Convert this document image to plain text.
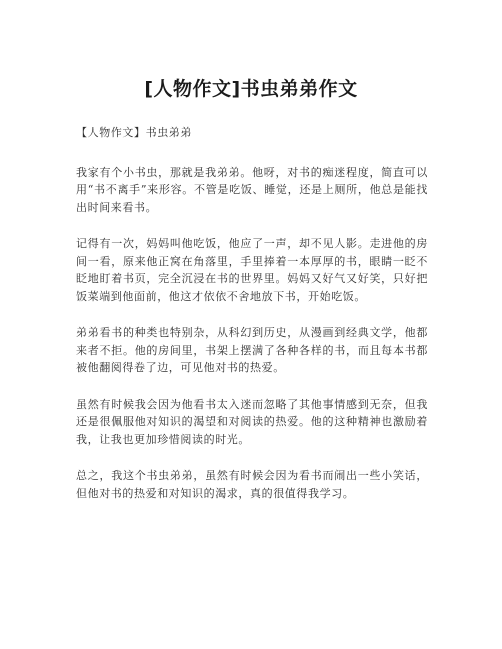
[人物作文]书虫弟弟作文

【人物作文】书虫弟弟

我家有个小书虫，那就是我弟弟。他呀，对书的痴迷程度，简直可以用“书不离手”来形容。不管是吃饭、睡觉，还是上厕所，他总是能找出时间来看书。

记得有一次，妈妈叫他吃饭，他应了一声，却不见人影。走进他的房间一看，原来他正窝在角落里，手里捧着一本厚厚的书，眼睛一眨不眨地盯着书页，完全沉浸在书的世界里。妈妈又好气又好笑，只好把饭菜端到他面前，他这才依依不舍地放下书，开始吃饭。

弟弟看书的种类也特别杂，从科幻到历史，从漫画到经典文学，他都来者不拒。他的房间里，书架上摆满了各种各样的书，而且每本书都被他翻阅得卷了边，可见他对书的热爱。

虽然有时候我会因为他看书太入迷而忽略了其他事情感到无奈，但我还是很佩服他对知识的渴望和对阅读的热爱。他的这种精神也激励着我，让我也更加珍惜阅读的时光。

总之，我这个书虫弟弟，虽然有时候会因为看书而闹出一些小笑话，但他对书的热爱和对知识的渴求，真的很值得我学习。
